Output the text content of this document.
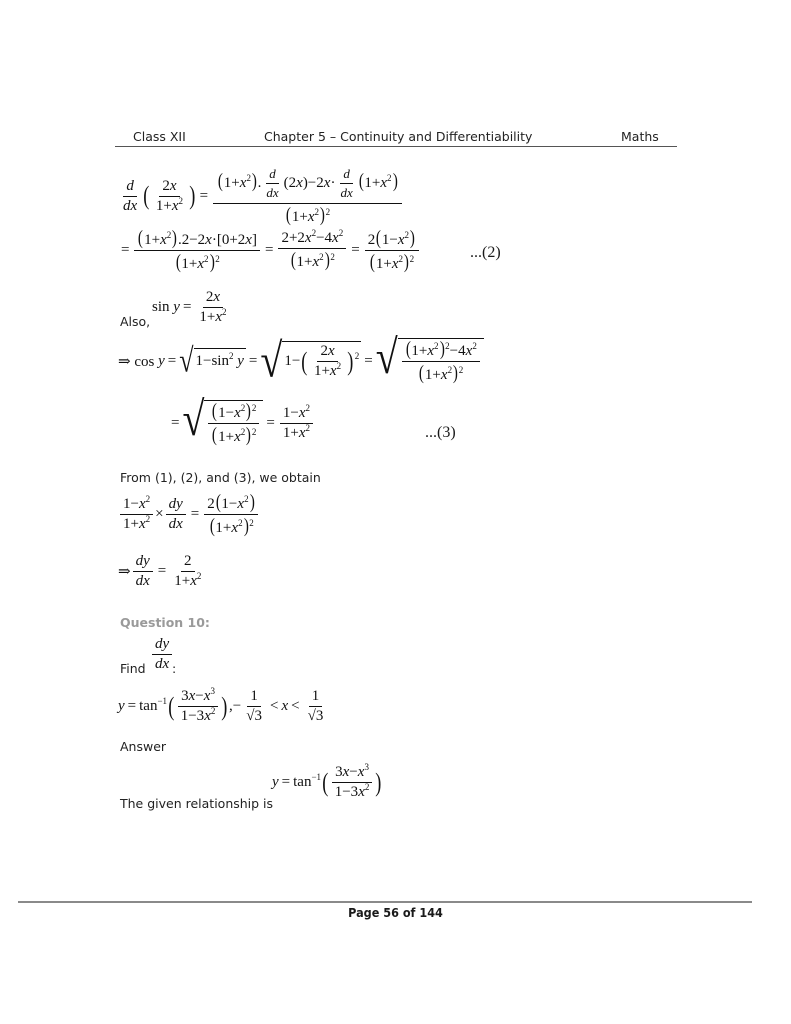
Class XII	Chapter 5 – Continuity and Differentiability	Maths
d
dx ( 2x
$1+x^2$ ) =
$(1+x^2)$. $\frac{d}{dx} (2x)-2x\cdot \frac{d}{dx} (1+x^2)$
$(1+x^2)^2$
= $\frac{(1+x^2).2-2x\cdot[0+2x]}{(1+x^2)^2} = \frac{2+2x^2-4x^2}{(1+x^2)^2} = \frac{2(1-x^2)}{(1+x^2)^2}$	...(2)
Also,
$\sin y = \frac{2x}{1+x^2}$
⇒ cos y = √ 1−sin 2
y = √ 1− ( 2x
$1+x^2$ ) 2 = √ $(1+x^2)^2-4x^2$
$(1+x^2)^2$
= √ $(1-x^2)^2$
$(1+x^2)^2$
= $\frac{1-x^2}{1+x^2}$	...(3)
From (1), (2), and (3), we obtain
$\frac{1-x^2}{1+x^2} \times \frac{dy}{dx} = \frac{2(1-x^2)}{(1+x^2)^2}$
⇒ $\frac{dy}{dx} = \frac{2}{1+x^2}$
Question 10:
Find
dy
dx :
y = tan −1 ( $3x-x^3$
$1-3x^2$ ) ,−
1
√3
< x <
1
√3
Answer
The given relationship is
y = tan −1 ( $3x-x^3$
$1-3x^2$ )
Page 56 of 144
